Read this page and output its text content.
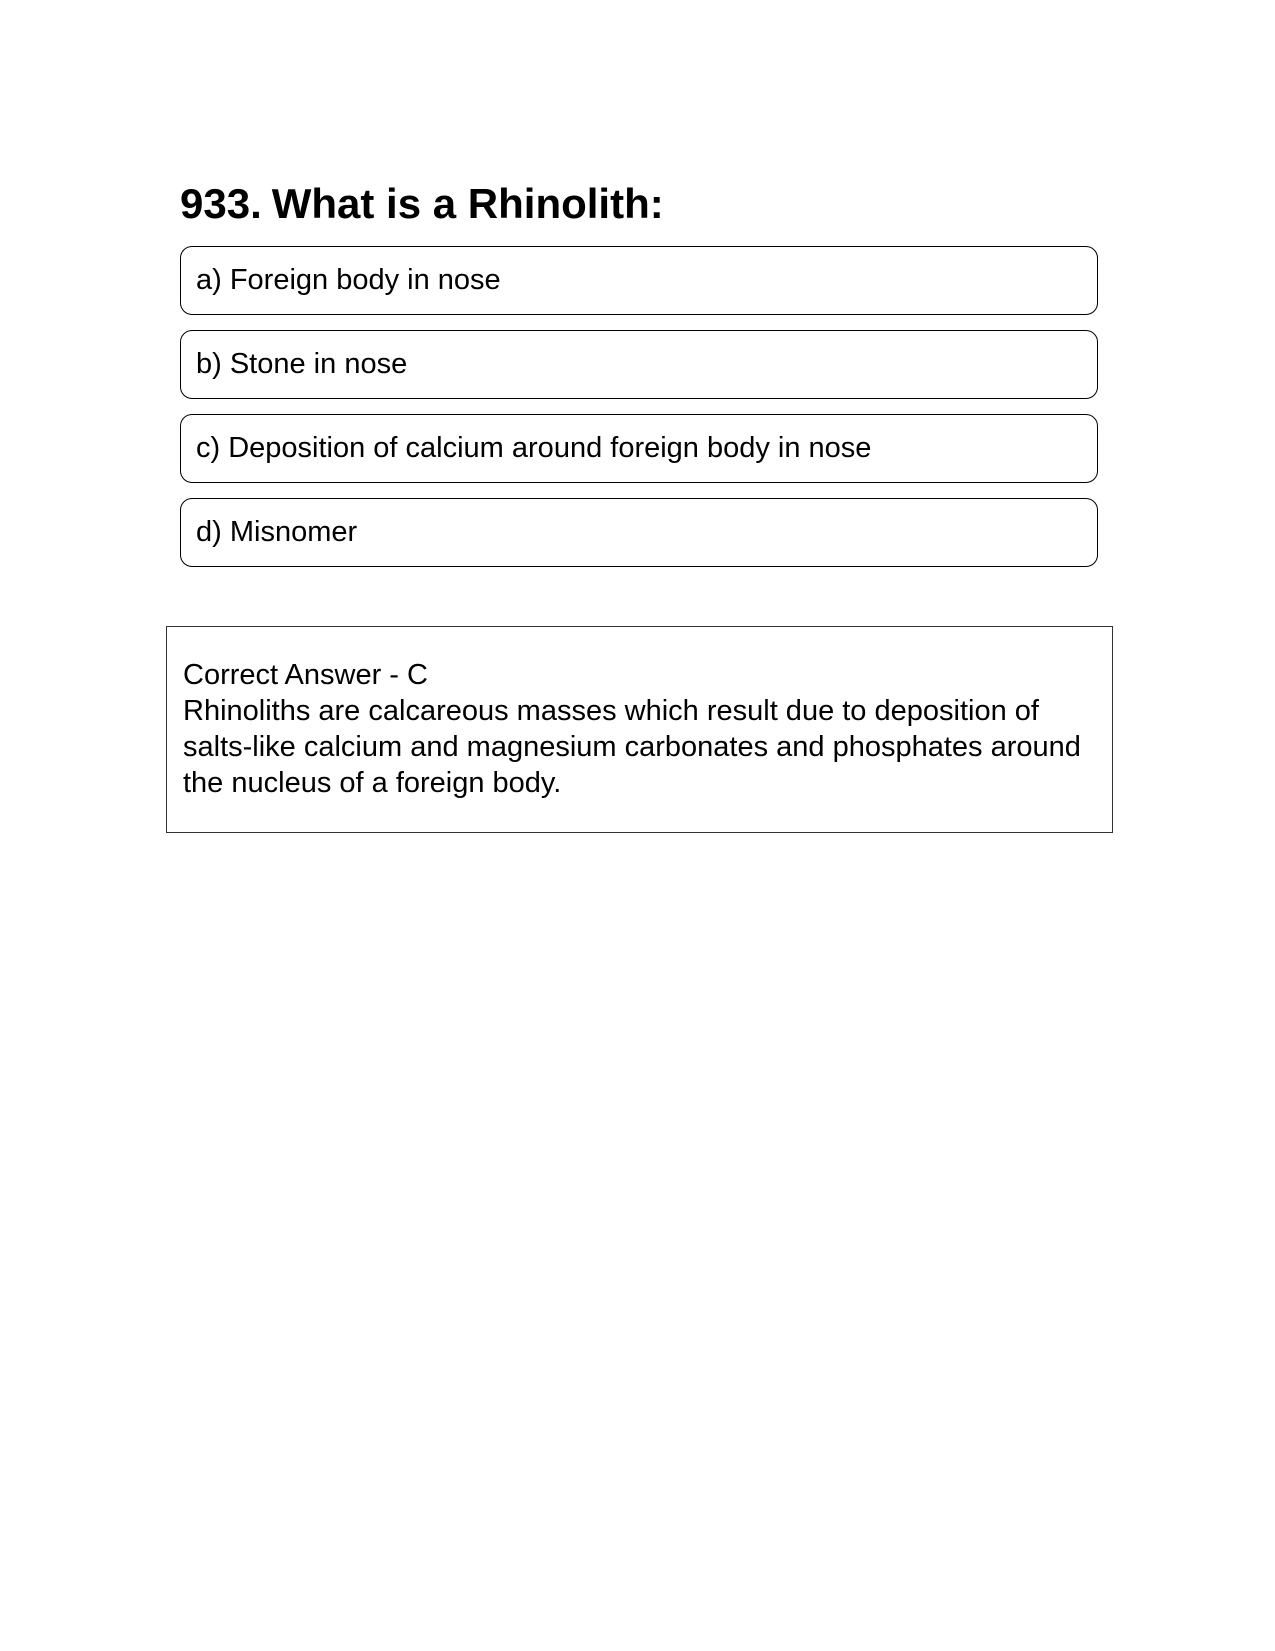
933. What is a Rhinolith:
a) Foreign body in nose
b) Stone in nose
c) Deposition of calcium around foreign body in nose
d) Misnomer
Correct Answer - C
Rhinoliths are calcareous masses which result due to deposition of salts-like calcium and magnesium carbonates and phosphates around the nucleus of a foreign body.
